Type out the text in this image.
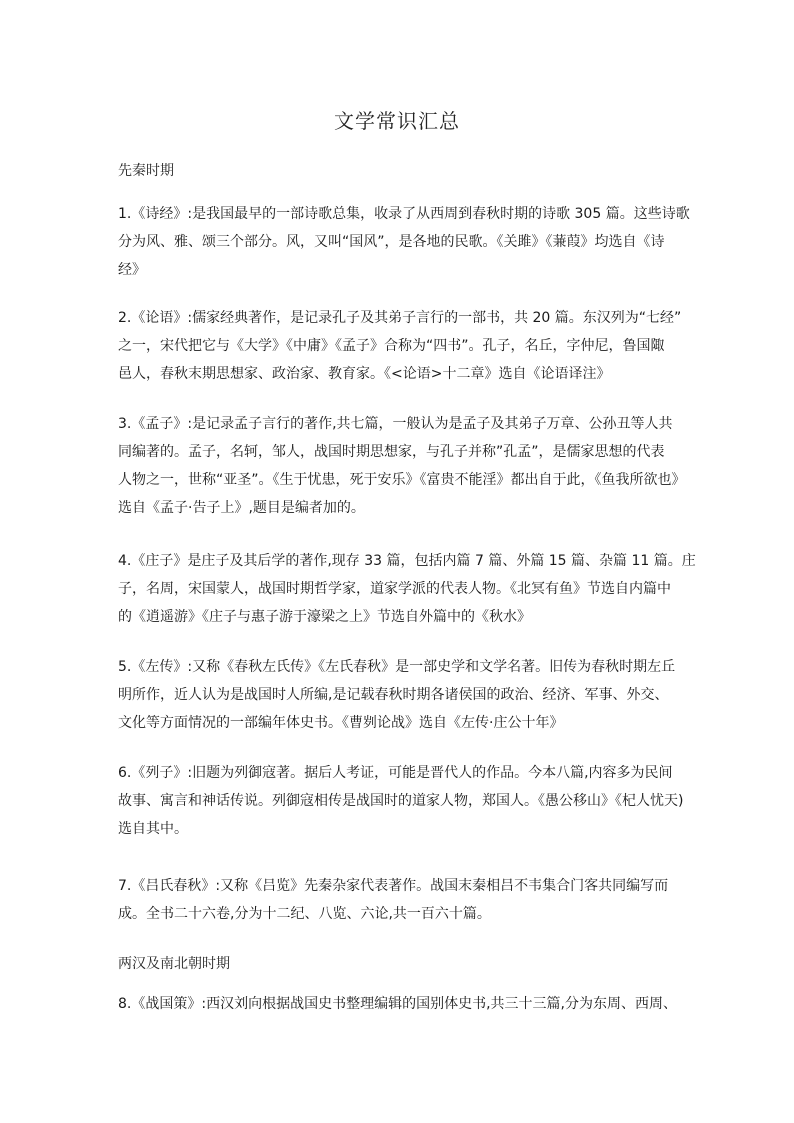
文学常识汇总
先秦时期
1.《诗经》:是我国最早的一部诗歌总集，收录了从西周到春秋时期的诗歌 305 篇。这些诗歌
分为风、雅、颂三个部分。风，又叫“国风”，是各地的民歌。《关雎》《蒹葭》均选自《诗
经》
2.《论语》:儒家经典著作，是记录孔子及其弟子言行的一部书，共 20 篇。东汉列为“七经”
之一，宋代把它与《大学》《中庸》《孟子》合称为“四书”。孔子，名丘，字仲尼，鲁国陬
邑人，春秋末期思想家、政治家、教育家。《<论语>十二章》选自《论语译注》
3.《孟子》:是记录孟子言行的著作,共七篇，一般认为是孟子及其弟子万章、公孙丑等人共
同编著的。孟子，名轲，邹人，战国时期思想家，与孔子并称”孔孟”，是儒家思想的代表
人物之一，世称“亚圣”。《生于忧患，死于安乐》《富贵不能淫》都出自于此，《鱼我所欲也》
选自《孟子·告子上》,题目是编者加的。
4.《庄子》是庄子及其后学的著作,现存 33 篇，包括内篇 7 篇、外篇 15 篇、杂篇 11 篇。庄
子，名周，宋国蒙人，战国时期哲学家，道家学派的代表人物。《北冥有鱼》节选自内篇中
的《逍遥游》《庄子与惠子游于濠梁之上》节选自外篇中的《秋水》
5.《左传》:又称《春秋左氏传》《左氏春秋》是一部史学和文学名著。旧传为春秋时期左丘
明所作，近人认为是战国时人所编,是记载春秋时期各诸侯国的政治、经济、军事、外交、
文化等方面情况的一部编年体史书。《曹刿论战》选自《左传·庄公十年》
6.《列子》:旧题为列御寇著。据后人考证，可能是晋代人的作品。今本八篇,内容多为民间
故事、寓言和神话传说。列御寇相传是战国时的道家人物，郑国人。《愚公移山》《杞人忧天)
选自其中。
7.《吕氏春秋》:又称《吕览》先秦杂家代表著作。战国末秦相吕不韦集合门客共同编写而
成。全书二十六卷,分为十二纪、八览、六论,共一百六十篇。
两汉及南北朝时期
8.《战国策》:西汉刘向根据战国史书整理编辑的国别体史书,共三十三篇,分为东周、西周、
